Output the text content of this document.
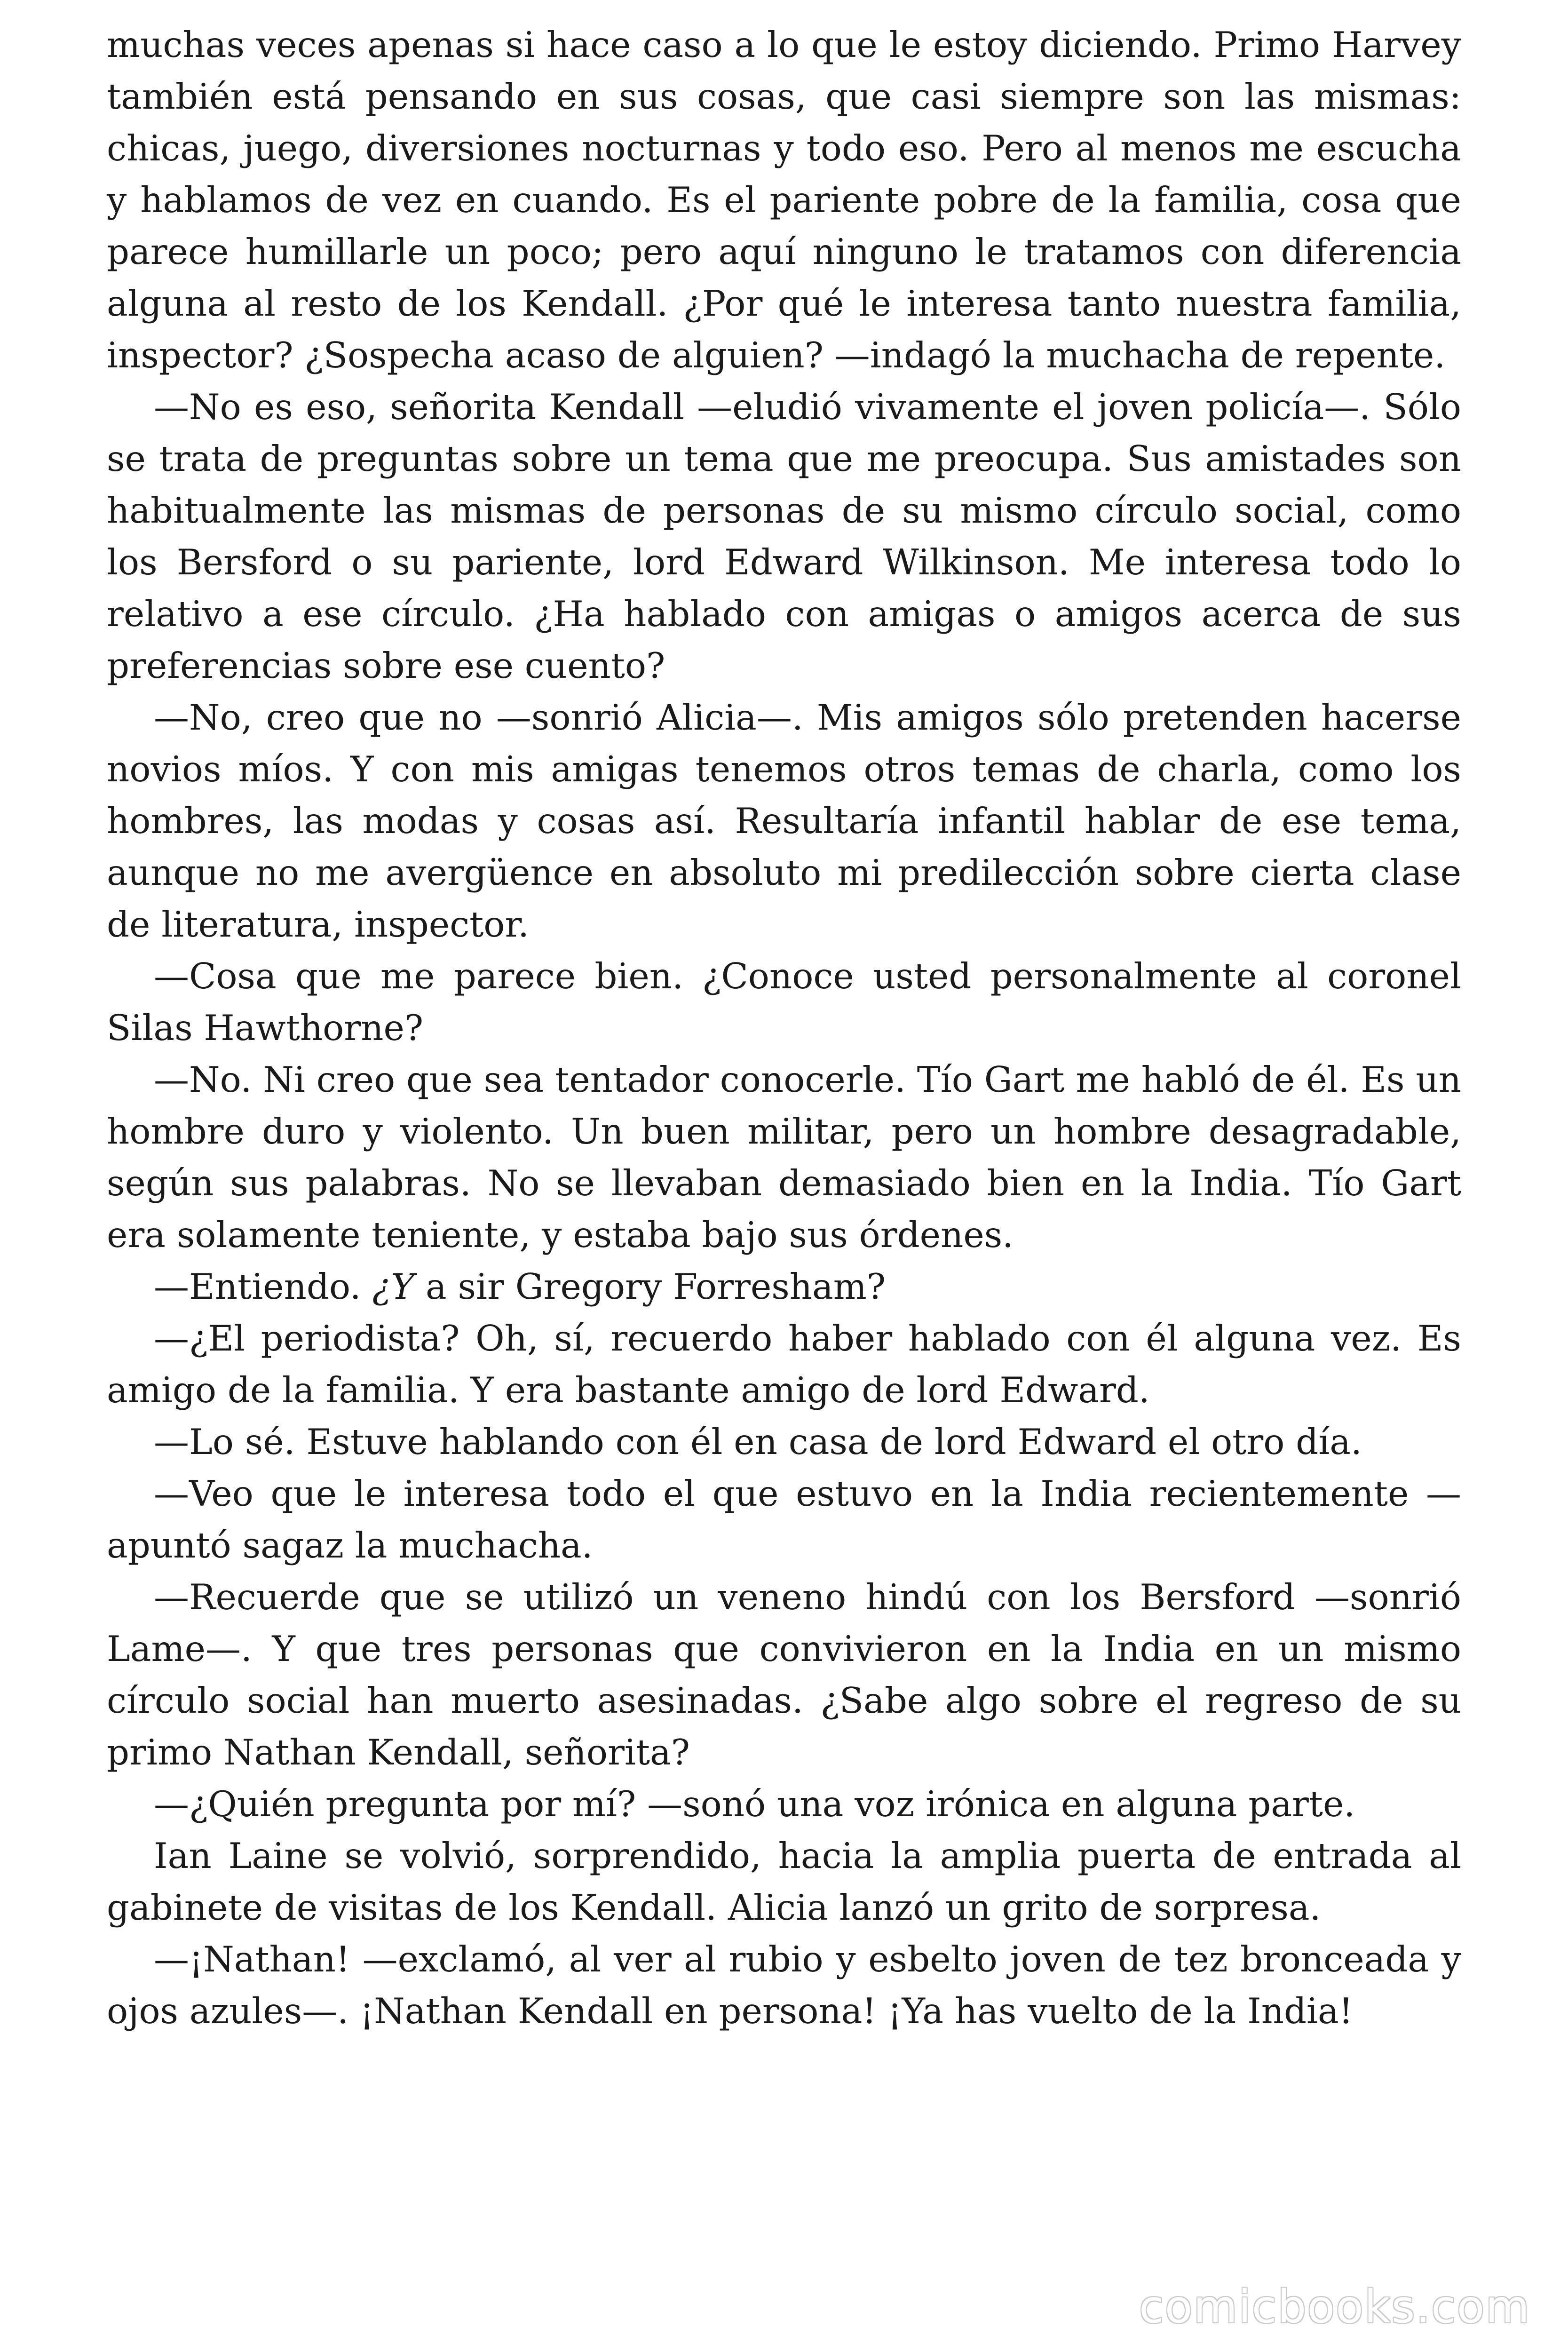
muchas veces apenas si hace caso a lo que le estoy diciendo. Primo Harvey también está pensando en sus cosas, que casi siempre son las mismas: chicas, juego, diversiones nocturnas y todo eso. Pero al menos me escucha y hablamos de vez en cuando. Es el pariente pobre de la familia, cosa que parece humillarle un poco; pero aquí ninguno le tratamos con diferencia alguna al resto de los Kendall. ¿Por qué le interesa tanto nuestra familia, inspector? ¿Sospecha acaso de alguien? —indagó la muchacha de repente.

—No es eso, señorita Kendall —eludió vivamente el joven policía—. Sólo se trata de preguntas sobre un tema que me preocupa. Sus amistades son habitualmente las mismas de personas de su mismo círculo social, como los Bersford o su pariente, lord Edward Wilkinson. Me interesa todo lo relativo a ese círculo. ¿Ha hablado con amigas o amigos acerca de sus preferencias sobre ese cuento?

—No, creo que no —sonrió Alicia—. Mis amigos sólo pretenden hacerse novios míos. Y con mis amigas tenemos otros temas de charla, como los hombres, las modas y cosas así. Resultaría infantil hablar de ese tema, aunque no me avergüence en absoluto mi predilección sobre cierta clase de literatura, inspector.

—Cosa que me parece bien. ¿Conoce usted personalmente al coronel Silas Hawthorne?

—No. Ni creo que sea tentador conocerle. Tío Gart me habló de él. Es un hombre duro y violento. Un buen militar, pero un hombre desagradable, según sus palabras. No se llevaban demasiado bien en la India. Tío Gart era solamente teniente, y estaba bajo sus órdenes.

—Entiendo. ¿Y a sir Gregory Forresham?

—¿El periodista? Oh, sí, recuerdo haber hablado con él alguna vez. Es amigo de la familia. Y era bastante amigo de lord Edward.

—Lo sé. Estuve hablando con él en casa de lord Edward el otro día.

—Veo que le interesa todo el que estuvo en la India recientemente —apuntó sagaz la muchacha.

—Recuerde que se utilizó un veneno hindú con los Bersford —sonrió Lame—. Y que tres personas que convivieron en la India en un mismo círculo social han muerto asesinadas. ¿Sabe algo sobre el regreso de su primo Nathan Kendall, señorita?

—¿Quién pregunta por mí? —sonó una voz irónica en alguna parte.

Ian Laine se volvió, sorprendido, hacia la amplia puerta de entrada al gabinete de visitas de los Kendall. Alicia lanzó un grito de sorpresa.

—¡Nathan! —exclamó, al ver al rubio y esbelto joven de tez bronceada y ojos azules—. ¡Nathan Kendall en persona! ¡Ya has vuelto de la India!

comicbooks.com
